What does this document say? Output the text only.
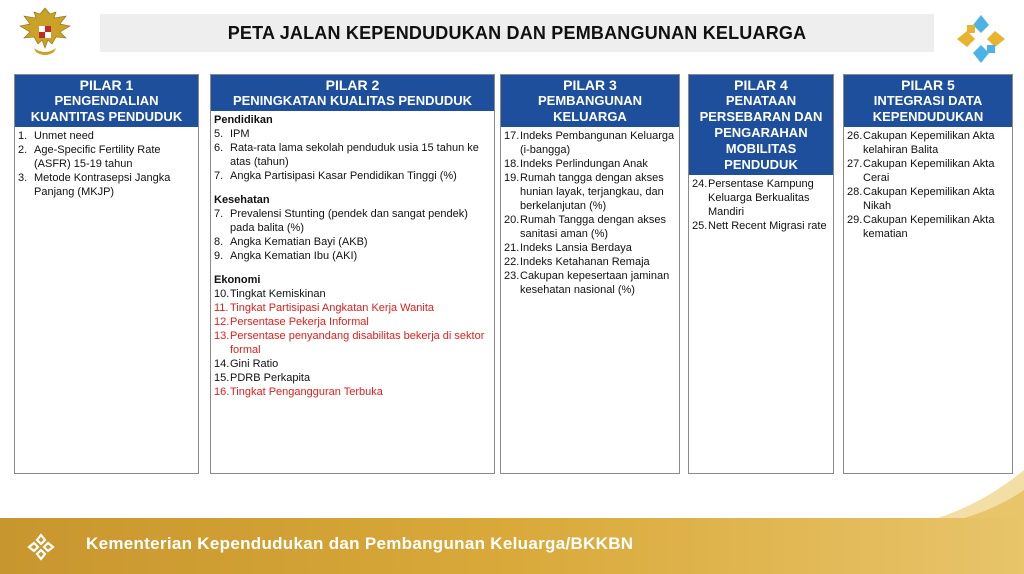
PETA JALAN KEPENDUDUKAN DAN PEMBANGUNAN KELUARGA
PILAR 1
PENGENDALIAN
KUANTITAS PENDUDUK
1. Unmet need
2. Age-Specific Fertility Rate (ASFR) 15-19 tahun
3. Metode Kontrasepsi Jangka Panjang (MKJP)
PILAR 2
PENINGKATAN KUALITAS PENDUDUK
Pendidikan
5. IPM
6. Rata-rata lama sekolah penduduk usia 15 tahun ke atas (tahun)
7. Angka Partisipasi Kasar Pendidikan Tinggi (%)
Kesehatan
7. Prevalensi Stunting (pendek dan sangat pendek) pada balita (%)
8. Angka Kematian Bayi (AKB)
9. Angka Kematian Ibu (AKI)
Ekonomi
10. Tingkat Kemiskinan
11. Tingkat Partisipasi Angkatan Kerja Wanita
12. Persentase Pekerja Informal
13. Persentase penyandang disabilitas bekerja di sektor formal
14. Gini Ratio
15. PDRB Perkapita
16. Tingkat Pengangguran Terbuka
PILAR 3
PEMBANGUNAN
KELUARGA
17. Indeks Pembangunan Keluarga (i-bangga)
18. Indeks Perlindungan Anak
19. Rumah tangga dengan akses hunian layak, terjangkau, dan berkelanjutan (%)
20. Rumah Tangga dengan akses sanitasi aman (%)
21. Indeks Lansia Berdaya
22. Indeks Ketahanan Remaja
23. Cakupan kepesertaan jaminan kesehatan nasional (%)
PILAR 4
PENATAAN
PERSEBARAN DAN
PENGARAHAN
MOBILITAS
PENDUDUK
24. Persentase Kampung Keluarga Berkualitas Mandiri
25. Nett Recent Migrasi rate
PILAR 5
INTEGRASI DATA
KEPENDUDUKAN
26. Cakupan Kepemilikan Akta kelahiran Balita
27. Cakupan Kepemilikan Akta Cerai
28. Cakupan Kepemilikan Akta Nikah
29. Cakupan Kepemilikan Akta kematian
Kementerian Kependudukan dan Pembangunan Keluarga/BKKBN
